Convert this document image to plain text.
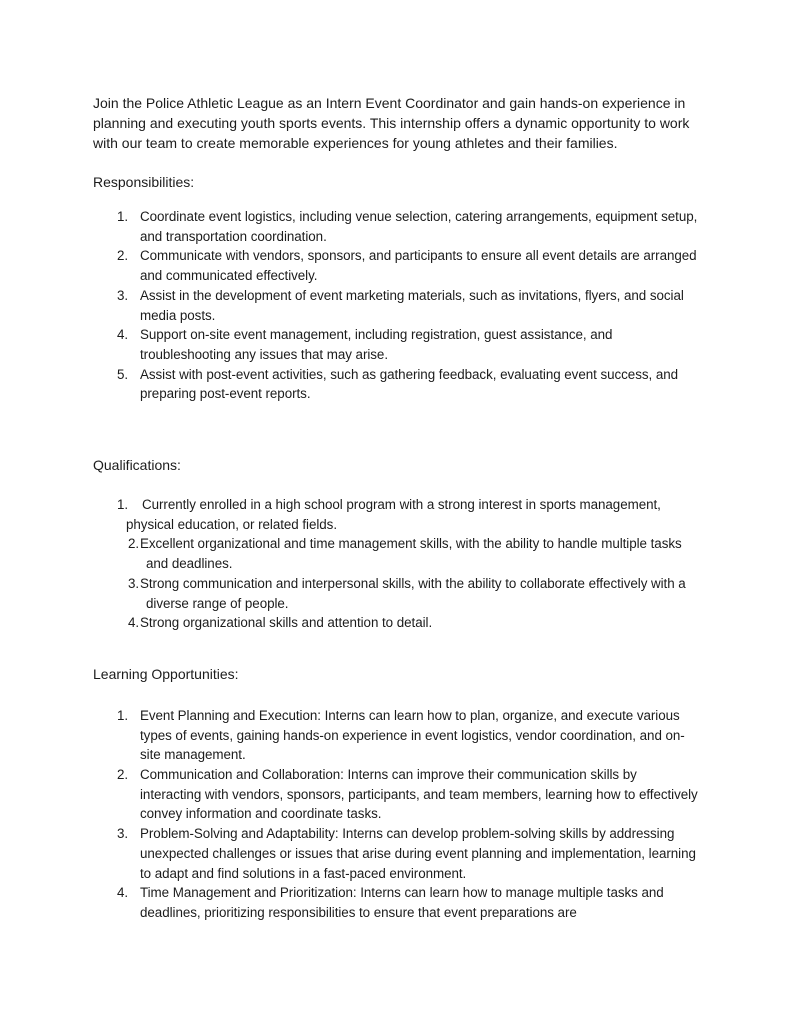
Join the Police Athletic League as an Intern Event Coordinator and gain hands-on experience in planning and executing youth sports events. This internship offers a dynamic opportunity to work with our team to create memorable experiences for young athletes and their families.

Responsibilities:
1. Coordinate event logistics, including venue selection, catering arrangements, equipment setup, and transportation coordination.
2. Communicate with vendors, sponsors, and participants to ensure all event details are arranged and communicated effectively.
3. Assist in the development of event marketing materials, such as invitations, flyers, and social media posts.
4. Support on-site event management, including registration, guest assistance, and troubleshooting any issues that may arise.
5. Assist with post-event activities, such as gathering feedback, evaluating event success, and preparing post-event reports.
Qualifications:
1. Currently enrolled in a high school program with a strong interest in sports management, physical education, or related fields.
2.Excellent organizational and time management skills, with the ability to handle multiple tasks and deadlines.
3.Strong communication and interpersonal skills, with the ability to collaborate effectively with a diverse range of people.
4.Strong organizational skills and attention to detail.
Learning Opportunities:
1. Event Planning and Execution: Interns can learn how to plan, organize, and execute various types of events, gaining hands-on experience in event logistics, vendor coordination, and on-site management.
2. Communication and Collaboration: Interns can improve their communication skills by interacting with vendors, sponsors, participants, and team members, learning how to effectively convey information and coordinate tasks.
3. Problem-Solving and Adaptability: Interns can develop problem-solving skills by addressing unexpected challenges or issues that arise during event planning and implementation, learning to adapt and find solutions in a fast-paced environment.
4. Time Management and Prioritization: Interns can learn how to manage multiple tasks and deadlines, prioritizing responsibilities to ensure that event preparations are
